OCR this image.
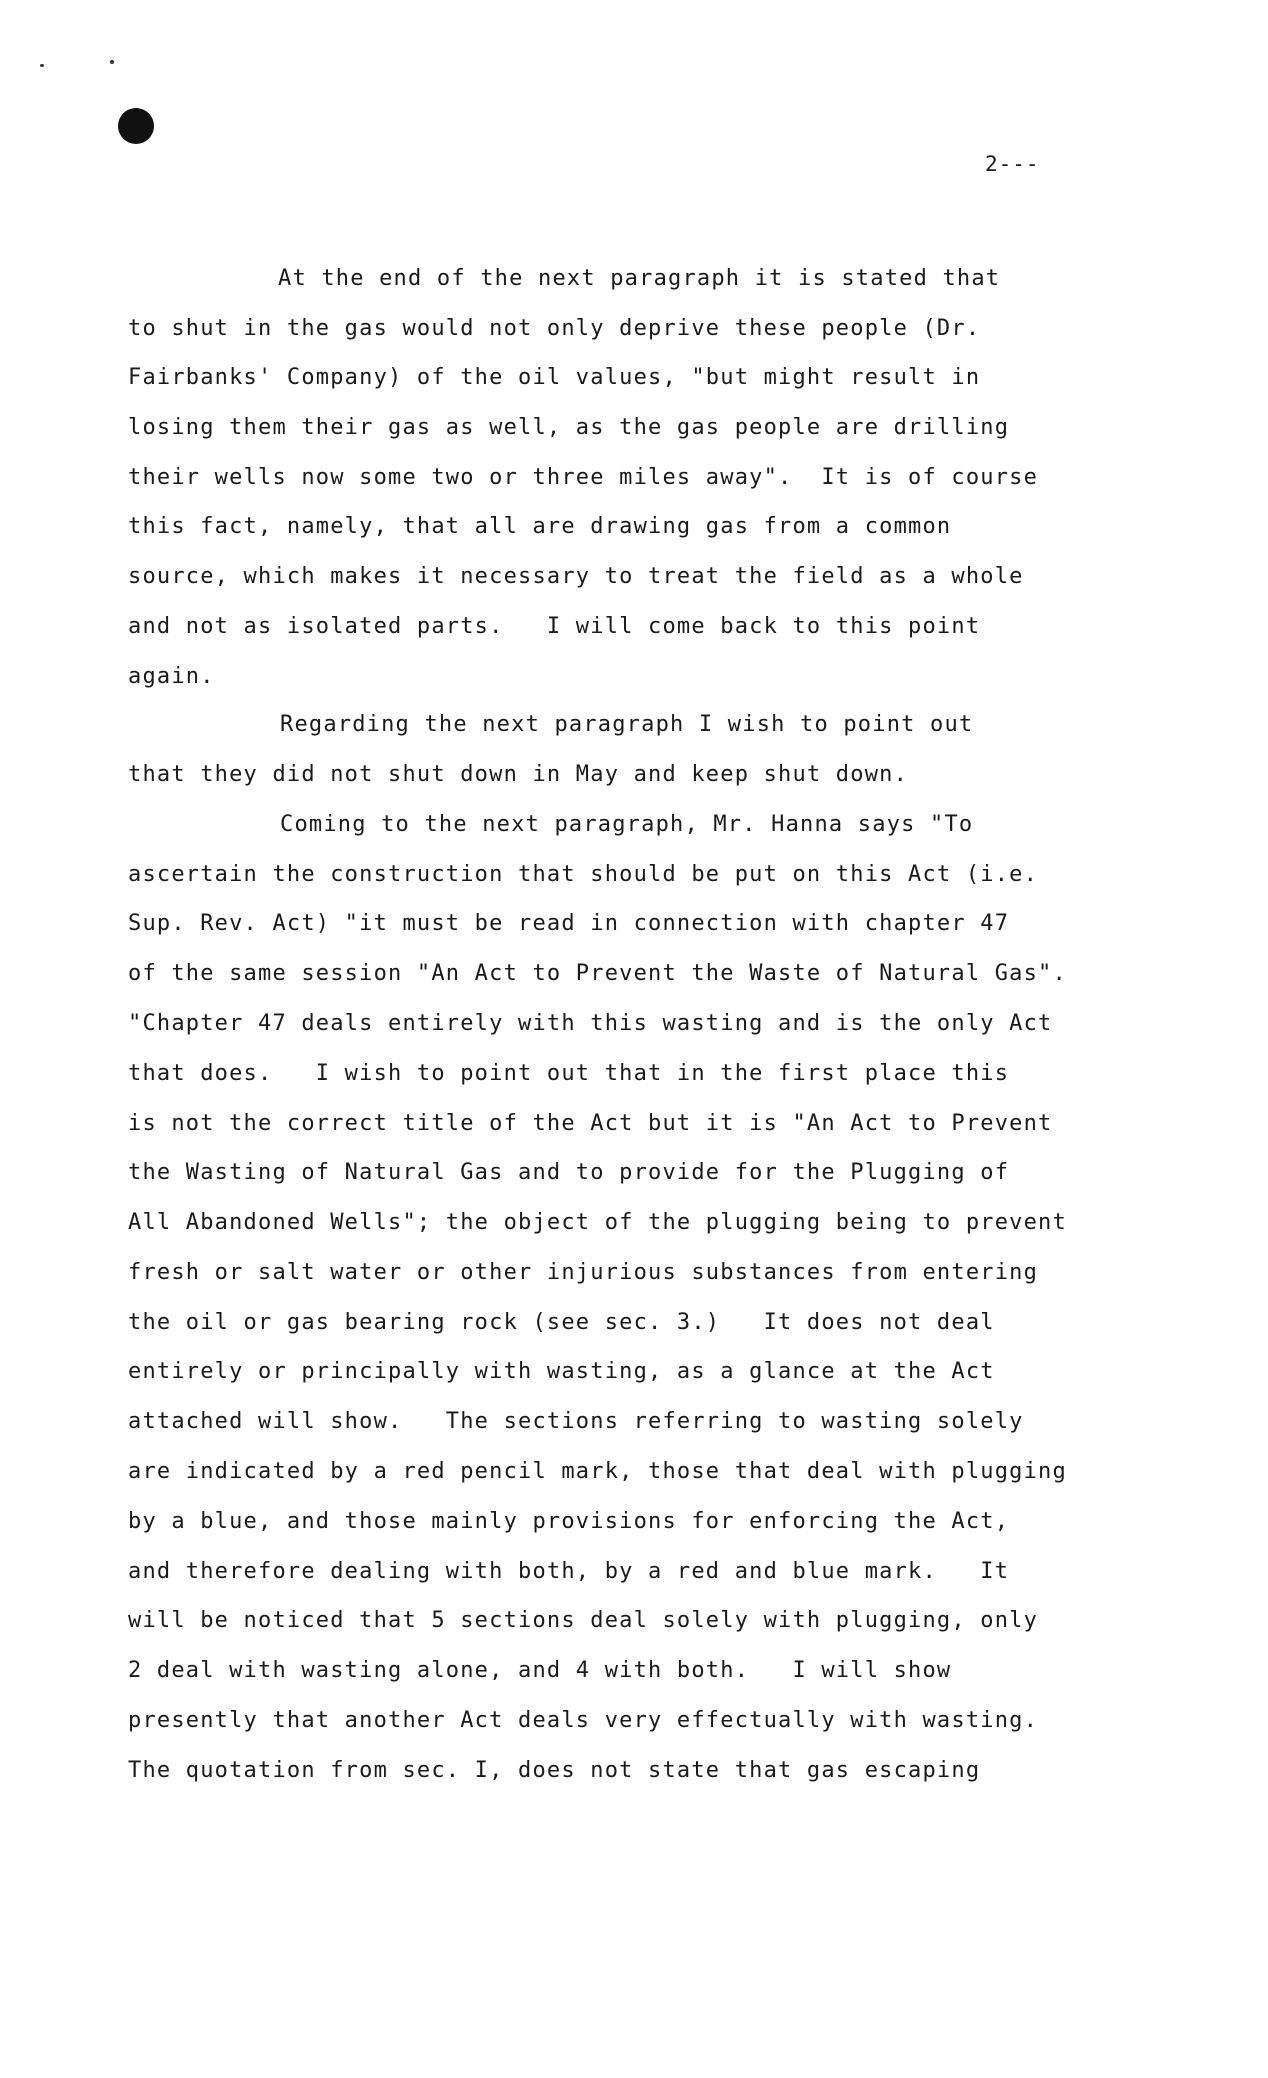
2---
At the end of the next paragraph it is stated that
to shut in the gas would not only deprive these people (Dr.
Fairbanks' Company) of the oil values, "but might result in
losing them their gas as well, as the gas people are drilling
their wells now some two or three miles away".  It is of course
this fact, namely, that all are drawing gas from a common
source, which makes it necessary to treat the field as a whole
and not as isolated parts.   I will come back to this point
again.
Regarding the next paragraph I wish to point out
that they did not shut down in May and keep shut down.
Coming to the next paragraph, Mr. Hanna says "To
ascertain the construction that should be put on this Act (i.e.
Sup. Rev. Act) "it must be read in connection with chapter 47
of the same session "An Act to Prevent the Waste of Natural Gas".
"Chapter 47 deals entirely with this wasting and is the only Act
that does.   I wish to point out that in the first place this
is not the correct title of the Act but it is "An Act to Prevent
the Wasting of Natural Gas and to provide for the Plugging of
All Abandoned Wells"; the object of the plugging being to prevent
fresh or salt water or other injurious substances from entering
the oil or gas bearing rock (see sec. 3.)   It does not deal
entirely or principally with wasting, as a glance at the Act
attached will show.   The sections referring to wasting solely
are indicated by a red pencil mark, those that deal with plugging
by a blue, and those mainly provisions for enforcing the Act,
and therefore dealing with both, by a red and blue mark.   It
will be noticed that 5 sections deal solely with plugging, only
2 deal with wasting alone, and 4 with both.   I will show
presently that another Act deals very effectually with wasting.
The quotation from sec. I, does not state that gas escaping
